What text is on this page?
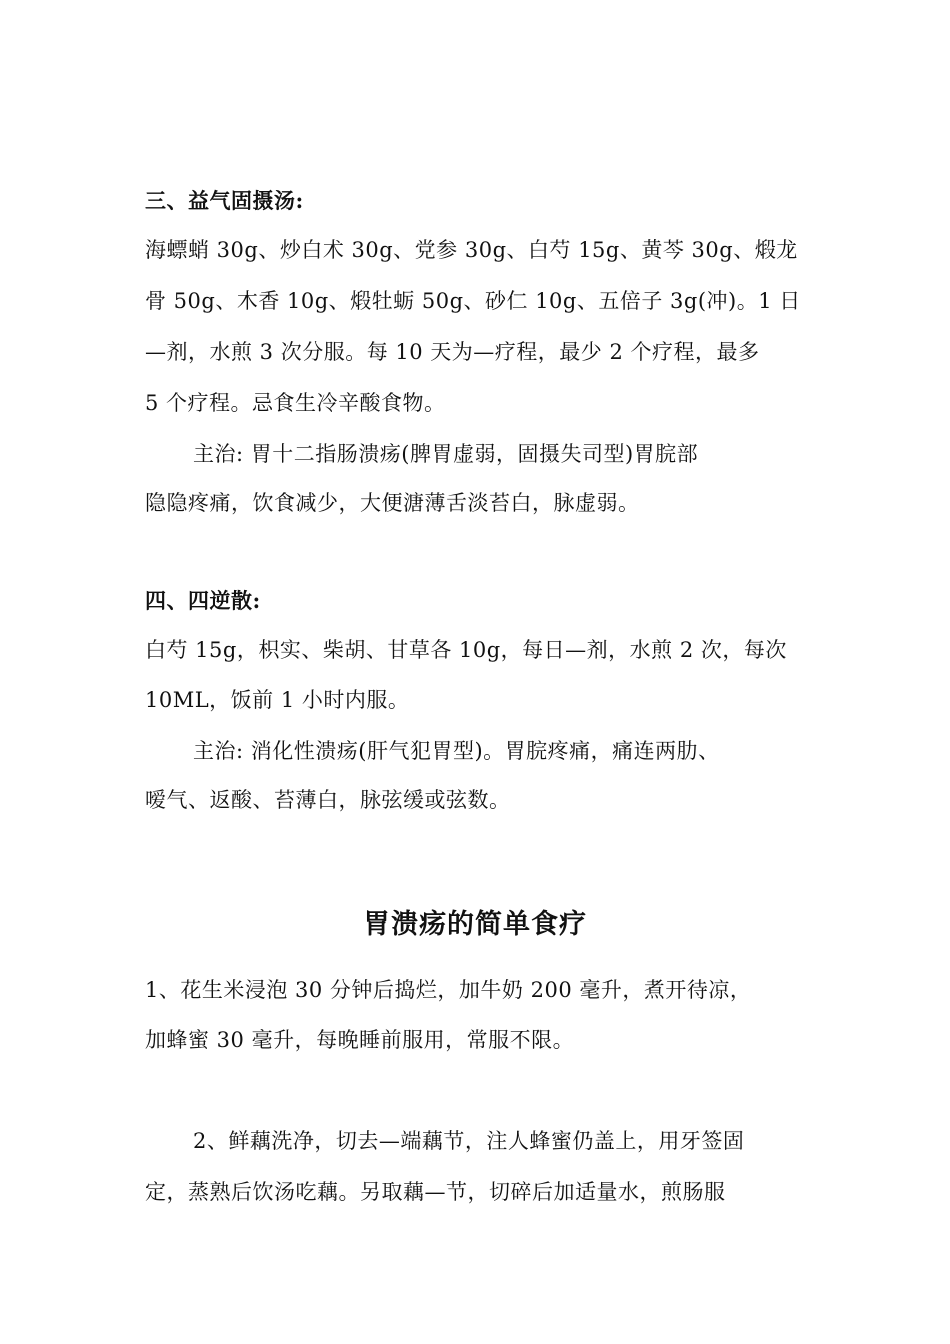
三、益气固摄汤:
海螵蛸 30g、炒白术 30g、党参 30g、白芍 15g、黄芩 30g、煅龙
骨 50g、木香 10g、煅牡蛎 50g、砂仁 10g、五倍子 3g(冲)。1 日
—剂，水煎 3 次分服。每 10 天为—疗程，最少 2 个疗程，最多
5 个疗程。忌食生冷辛酸食物。
主治: 胃十二指肠溃疡(脾胃虚弱，固摄失司型)胃脘部
隐隐疼痛，饮食减少，大便溏薄舌淡苔白，脉虚弱。
四、四逆散:
白芍 15g，枳实、柴胡、甘草各 10g，每日—剂，水煎 2 次，每次
10ML，饭前 1 小时内服。
主治: 消化性溃疡(肝气犯胃型)。胃脘疼痛，痛连两肋、
嗳气、返酸、苔薄白，脉弦缓或弦数。
胃溃疡的简单食疗
1、花生米浸泡 30 分钟后捣烂，加牛奶 200 毫升，煮开待凉，
加蜂蜜 30 毫升，每晚睡前服用，常服不限。
2、鲜藕洗净，切去—端藕节，注人蜂蜜仍盖上，用牙签固
定，蒸熟后饮汤吃藕。另取藕—节，切碎后加适量水，煎肠服
